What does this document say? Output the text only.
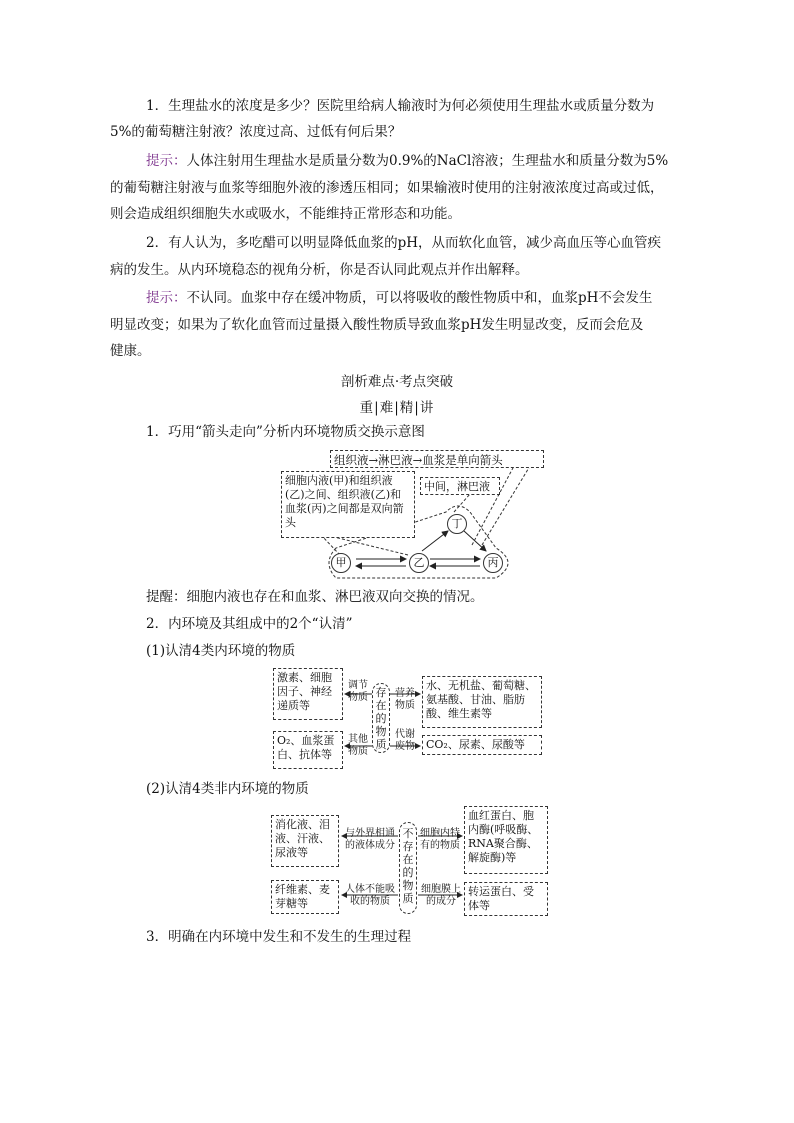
1．生理盐水的浓度是多少？医院里给病人输液时为何必须使用生理盐水或质量分数为
5%的葡萄糖注射液？浓度过高、过低有何后果？
提示：人体注射用生理盐水是质量分数为0.9%的NaCl溶液；生理盐水和质量分数为5%
的葡萄糖注射液与血浆等细胞外液的渗透压相同；如果输液时使用的注射液浓度过高或过低，
则会造成组织细胞失水或吸水，不能维持正常形态和功能。
2．有人认为，多吃醋可以明显降低血浆的pH，从而软化血管，减少高血压等心血管疾
病的发生。从内环境稳态的视角分析，你是否认同此观点并作出解释。
提示：不认同。血浆中存在缓冲物质，可以将吸收的酸性物质中和，血浆pH不会发生
明显改变；如果为了软化血管而过量摄入酸性物质导致血浆pH发生明显改变，反而会危及
健康。
剖析难点·考点突破
重|难|精|讲
1．巧用“箭头走向”分析内环境物质交换示意图
组织液→淋巴液→血浆是单向箭头
细胞内液(甲)和组织液(乙)之间、组织液(乙)和血浆(丙)之间都是双向箭头
中间，淋巴液
甲	乙	丙
丁
提醒：细胞内液也存在和血浆、淋巴液双向交换的情况。
2．内环境及其组成中的2个“认清”
(1)认清4类内环境的物质
激素、细胞因子、神经递质等
O₂、血浆蛋白、抗体等
调节物质
其他物质
存在的物质
营养物质
代谢废物
水、无机盐、葡萄糖、氨基酸、甘油、脂肪酸、维生素等
CO₂、尿素、尿酸等
(2)认清4类非内环境的物质
消化液、泪液、汗液、尿液等
纤维素、麦芽糖等
与外界相通的液体成分
人体不能吸收的物质
不存在的物质
细胞内特有的物质
细胞膜上的成分
血红蛋白、胞内酶(呼吸酶、RNA聚合酶、解旋酶)等
转运蛋白、受体等
3．明确在内环境中发生和不发生的生理过程
